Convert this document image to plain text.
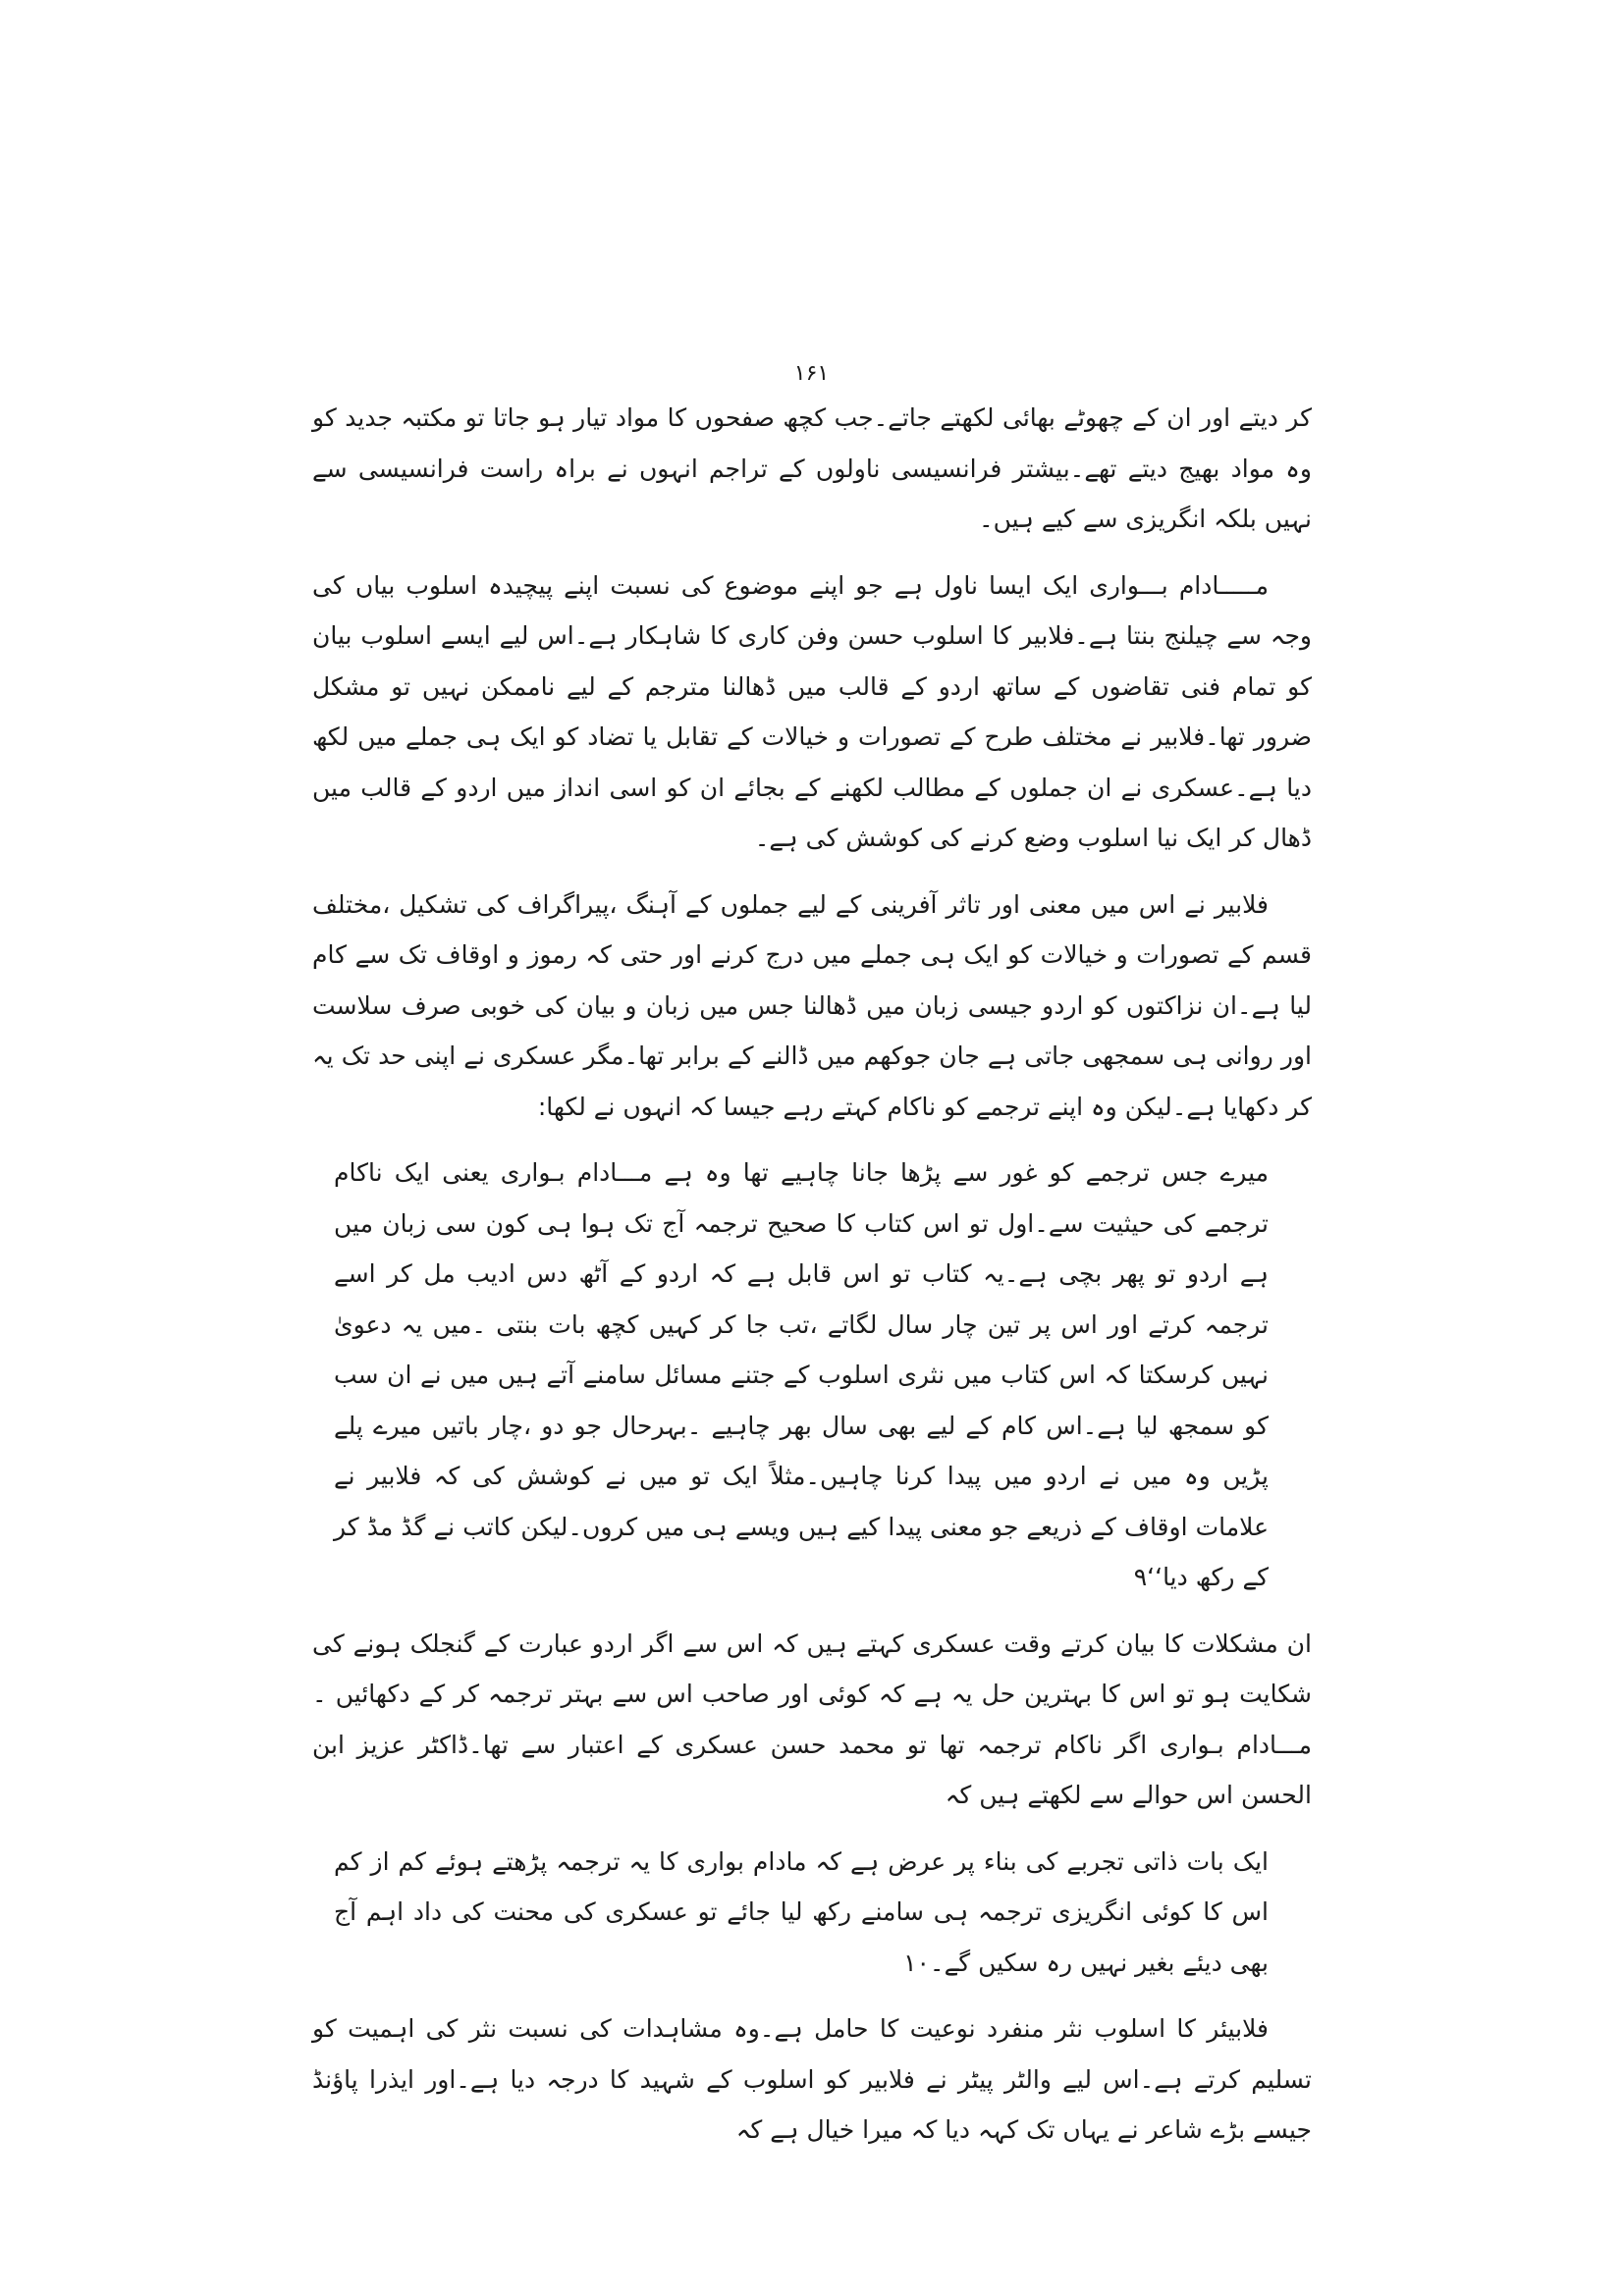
۱۶۱

کر دیتے اور ان کے چھوٹے بھائی لکھتے جاتے۔جب کچھ صفحوں کا مواد تیار ہو جاتا تو مکتبہ جدید کو وہ مواد بھیج دیتے تھے۔بیشتر فرانسیسی ناولوں کے تراجم انہوں نے براہ راست فرانسیسی سے نہیں بلکہ انگریزی سے کیے ہیں۔

مـــــادام بـــواری ایک ایسا ناول ہے جو اپنے موضوع کی نسبت اپنے پیچیدہ اسلوب بیاں کی وجہ سے چیلنج بنتا ہے۔فلابیر کا اسلوب حسن وفن کاری کا شاہکار ہے۔اس لیے ایسے اسلوب بیان کو تمام فنی تقاضوں کے ساتھ اردو کے قالب میں ڈھالنا مترجم کے لیے ناممکن نہیں تو مشکل ضرور تھا۔فلابیر نے مختلف طرح کے تصورات و خیالات کے تقابل یا تضاد کو ایک ہی جملے میں لکھ دیا ہے۔عسکری نے ان جملوں کے مطالب لکھنے کے بجائے ان کو اسی انداز میں اردو کے قالب میں ڈھال کر ایک نیا اسلوب وضع کرنے کی کوشش کی ہے۔

فلابیر نے اس میں معنی اور تاثر آفرینی کے لیے جملوں کے آہنگ ،پیراگراف کی تشکیل ،مختلف قسم کے تصورات و خیالات کو ایک ہی جملے میں درج کرنے اور حتی کہ رموز و اوقاف تک سے کام لیا ہے۔ان نزاکتوں کو اردو جیسی زبان میں ڈھالنا جس میں زبان و بیان کی خوبی صرف سلاست اور روانی ہی سمجھی جاتی ہے جان جوکھم میں ڈالنے کے برابر تھا۔مگر عسکری نے اپنی حد تک یہ کر دکھایا ہے۔لیکن وہ اپنے ترجمے کو ناکام کہتے رہے جیسا کہ انہوں نے لکھا:

میرے جس ترجمے کو غور سے پڑھا جانا چاہیے تھا وہ ہے مـــادام بـواری یعنی ایک ناکام ترجمے کی حیثیت سے۔اول تو اس کتاب کا صحیح ترجمہ آج تک ہوا ہی کون سی زبان میں ہے اردو تو پھر بچی ہے۔یہ کتاب تو اس قابل ہے کہ اردو کے آٹھ دس ادیب مل کر اسے ترجمہ کرتے اور اس پر تین چار سال لگاتے ،تب جا کر کہیں کچھ بات بنتی ۔میں یہ دعویٰ نہیں کرسکتا کہ اس کتاب میں نثری اسلوب کے جتنے مسائل سامنے آتے ہیں میں نے ان سب کو سمجھ لیا ہے۔اس کام کے لیے بھی سال بھر چاہیے ۔بہرحال جو دو ،چار باتیں میرے پلے پڑیں وہ میں نے اردو میں پیدا کرنا چاہیں۔مثلاً ایک تو میں نے کوشش کی کہ فلابیر نے علامات اوقاف کے ذریعے جو معنی پیدا کیے ہیں ویسے ہی میں کروں۔لیکن کاتب نے گڈ مڈ کر کے رکھ دیا‘‘۹

ان مشکلات کا بیان کرتے وقت عسکری کہتے ہیں کہ اس سے اگر اردو عبارت کے گنجلک ہونے کی شکایت ہو تو اس کا بہترین حل یہ ہے کہ کوئی اور صاحب اس سے بہتر ترجمہ کر کے دکھائیں ۔مـــادام بـواری اگر ناکام ترجمہ تھا تو محمد حسن عسکری کے اعتبار سے تھا۔ڈاکٹر عزیز ابن الحسن اس حوالے سے لکھتے ہیں کہ

ایک بات ذاتی تجربے کی بناء پر عرض ہے کہ مادام بواری کا یہ ترجمہ پڑھتے ہوئے کم از کم اس کا کوئی انگریزی ترجمہ ہی سامنے رکھ لیا جائے تو عسکری کی محنت کی داد اہم آج بھی دیئے بغیر نہیں رہ سکیں گے۔۱۰

فلابیئر کا اسلوب نثر منفرد نوعیت کا حامل ہے۔وہ مشاہدات کی نسبت نثر کی اہمیت کو تسلیم کرتے ہے۔اس لیے والٹر پیٹر نے فلابیر کو اسلوب کے شہید کا درجہ دیا ہے۔اور ایذرا پاؤنڈ جیسے بڑے شاعر نے یہاں تک کہہ دیا کہ میرا خیال ہے کہ
